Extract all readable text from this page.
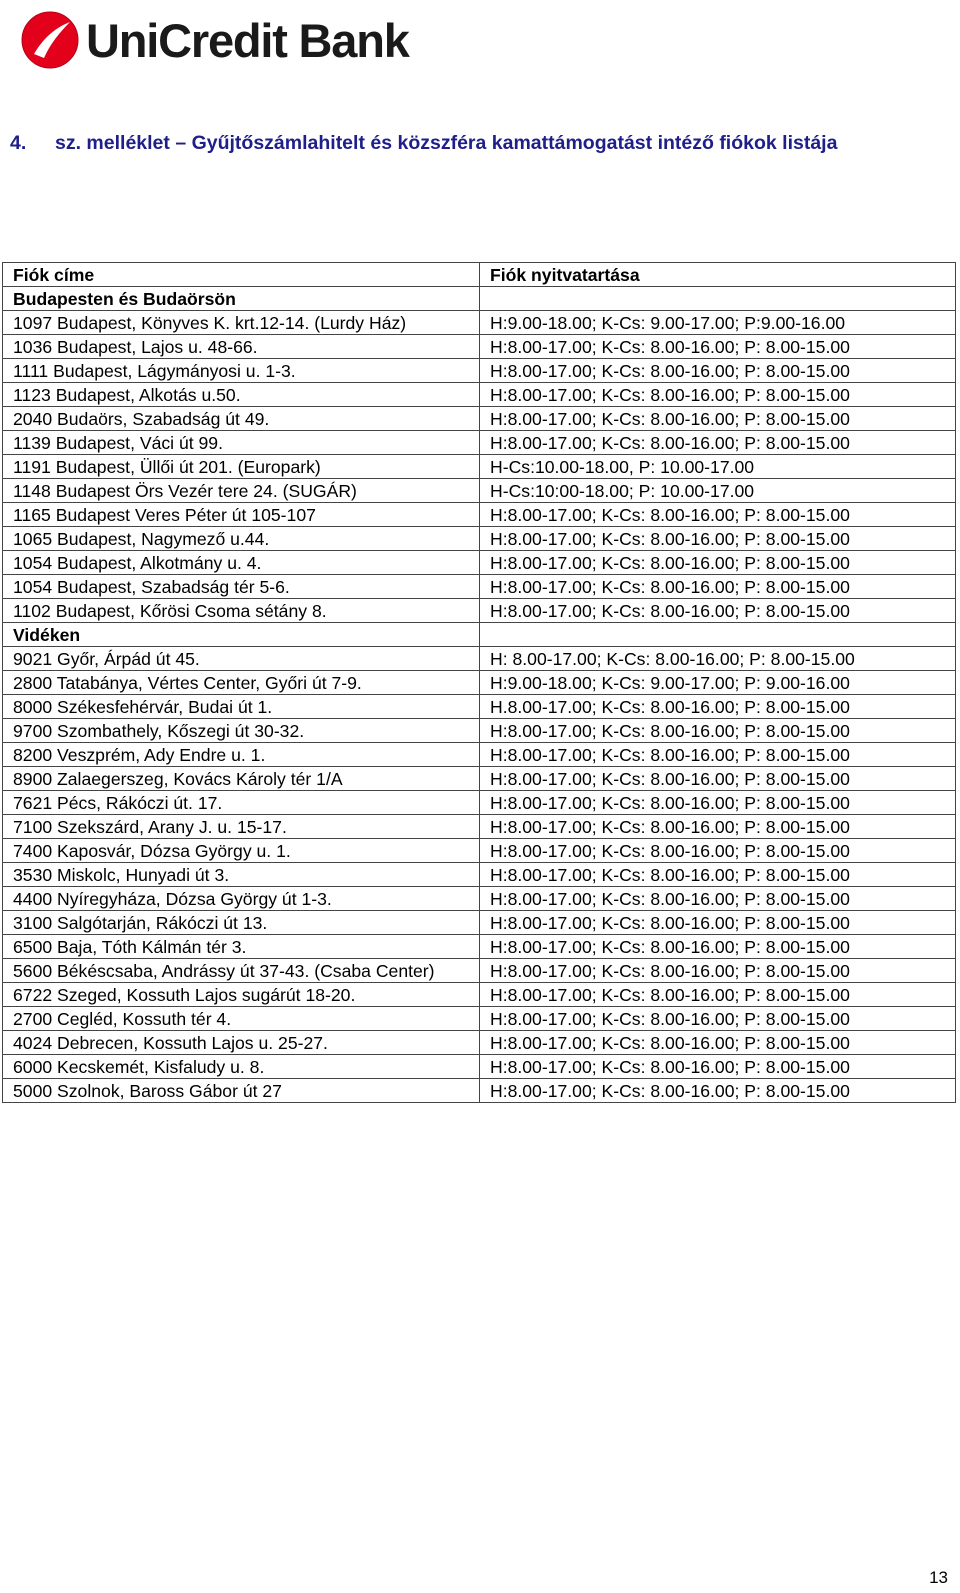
UniCredit Bank
4. sz. melléklet – Gyűjtőszámlahitelt és közszféra kamattámogatást intéző fiókok listája
Fiók címe	Fiók nyitvatartása
Budapesten és Budaörsön	
1097 Budapest, Könyves K. krt.12-14. (Lurdy Ház)	H:9.00-18.00; K-Cs: 9.00-17.00; P:9.00-16.00
1036 Budapest, Lajos u. 48-66.	H:8.00-17.00; K-Cs: 8.00-16.00; P: 8.00-15.00
1111 Budapest, Lágymányosi u. 1-3.	H:8.00-17.00; K-Cs: 8.00-16.00; P: 8.00-15.00
1123 Budapest, Alkotás u.50.	H:8.00-17.00; K-Cs: 8.00-16.00; P: 8.00-15.00
2040 Budaörs, Szabadság út 49.	H:8.00-17.00; K-Cs: 8.00-16.00; P: 8.00-15.00
1139 Budapest, Váci út 99.	H:8.00-17.00; K-Cs: 8.00-16.00; P: 8.00-15.00
1191 Budapest, Üllői út 201. (Europark)	H-Cs:10.00-18.00, P: 10.00-17.00
1148 Budapest Örs Vezér tere 24. (SUGÁR)	H-Cs:10:00-18.00; P: 10.00-17.00
1165 Budapest Veres Péter út 105-107	H:8.00-17.00; K-Cs: 8.00-16.00; P: 8.00-15.00
1065 Budapest, Nagymező u.44.	H:8.00-17.00; K-Cs: 8.00-16.00; P: 8.00-15.00
1054 Budapest, Alkotmány u. 4.	H:8.00-17.00; K-Cs: 8.00-16.00; P: 8.00-15.00
1054 Budapest, Szabadság tér 5-6.	H:8.00-17.00; K-Cs: 8.00-16.00; P: 8.00-15.00
1102 Budapest, Kőrösi Csoma sétány 8.	H:8.00-17.00; K-Cs: 8.00-16.00; P: 8.00-15.00
Vidéken	
9021 Győr, Árpád út 45.	H: 8.00-17.00; K-Cs: 8.00-16.00; P: 8.00-15.00
2800 Tatabánya, Vértes Center, Győri út 7-9.	H:9.00-18.00; K-Cs: 9.00-17.00; P: 9.00-16.00
8000 Székesfehérvár, Budai út 1.	H.8.00-17.00; K-Cs: 8.00-16.00; P: 8.00-15.00
9700 Szombathely, Kőszegi út 30-32.	H:8.00-17.00; K-Cs: 8.00-16.00; P: 8.00-15.00
8200 Veszprém, Ady Endre u. 1.	H:8.00-17.00; K-Cs: 8.00-16.00; P: 8.00-15.00
8900 Zalaegerszeg, Kovács Károly tér 1/A	H:8.00-17.00; K-Cs: 8.00-16.00; P: 8.00-15.00
7621 Pécs, Rákóczi út. 17.	H:8.00-17.00; K-Cs: 8.00-16.00; P: 8.00-15.00
7100 Szekszárd, Arany J. u. 15-17.	H:8.00-17.00; K-Cs: 8.00-16.00; P: 8.00-15.00
7400 Kaposvár, Dózsa György u. 1.	H:8.00-17.00; K-Cs: 8.00-16.00; P: 8.00-15.00
3530 Miskolc, Hunyadi út 3.	H:8.00-17.00; K-Cs: 8.00-16.00; P: 8.00-15.00
4400 Nyíregyháza, Dózsa György út 1-3.	H:8.00-17.00; K-Cs: 8.00-16.00; P: 8.00-15.00
3100 Salgótarján, Rákóczi út 13.	H:8.00-17.00; K-Cs: 8.00-16.00; P: 8.00-15.00
6500 Baja, Tóth Kálmán tér 3.	H:8.00-17.00; K-Cs: 8.00-16.00; P: 8.00-15.00
5600 Békéscsaba, Andrássy út 37-43. (Csaba Center)	H:8.00-17.00; K-Cs: 8.00-16.00; P: 8.00-15.00
6722 Szeged, Kossuth Lajos sugárút 18-20.	H:8.00-17.00; K-Cs: 8.00-16.00; P: 8.00-15.00
2700 Cegléd, Kossuth tér 4.	H:8.00-17.00; K-Cs: 8.00-16.00; P: 8.00-15.00
4024 Debrecen, Kossuth Lajos u. 25-27.	H:8.00-17.00; K-Cs: 8.00-16.00; P: 8.00-15.00
6000 Kecskemét, Kisfaludy u. 8.	H:8.00-17.00; K-Cs: 8.00-16.00; P: 8.00-15.00
5000 Szolnok, Baross Gábor út 27	H:8.00-17.00; K-Cs: 8.00-16.00; P: 8.00-15.00
13
